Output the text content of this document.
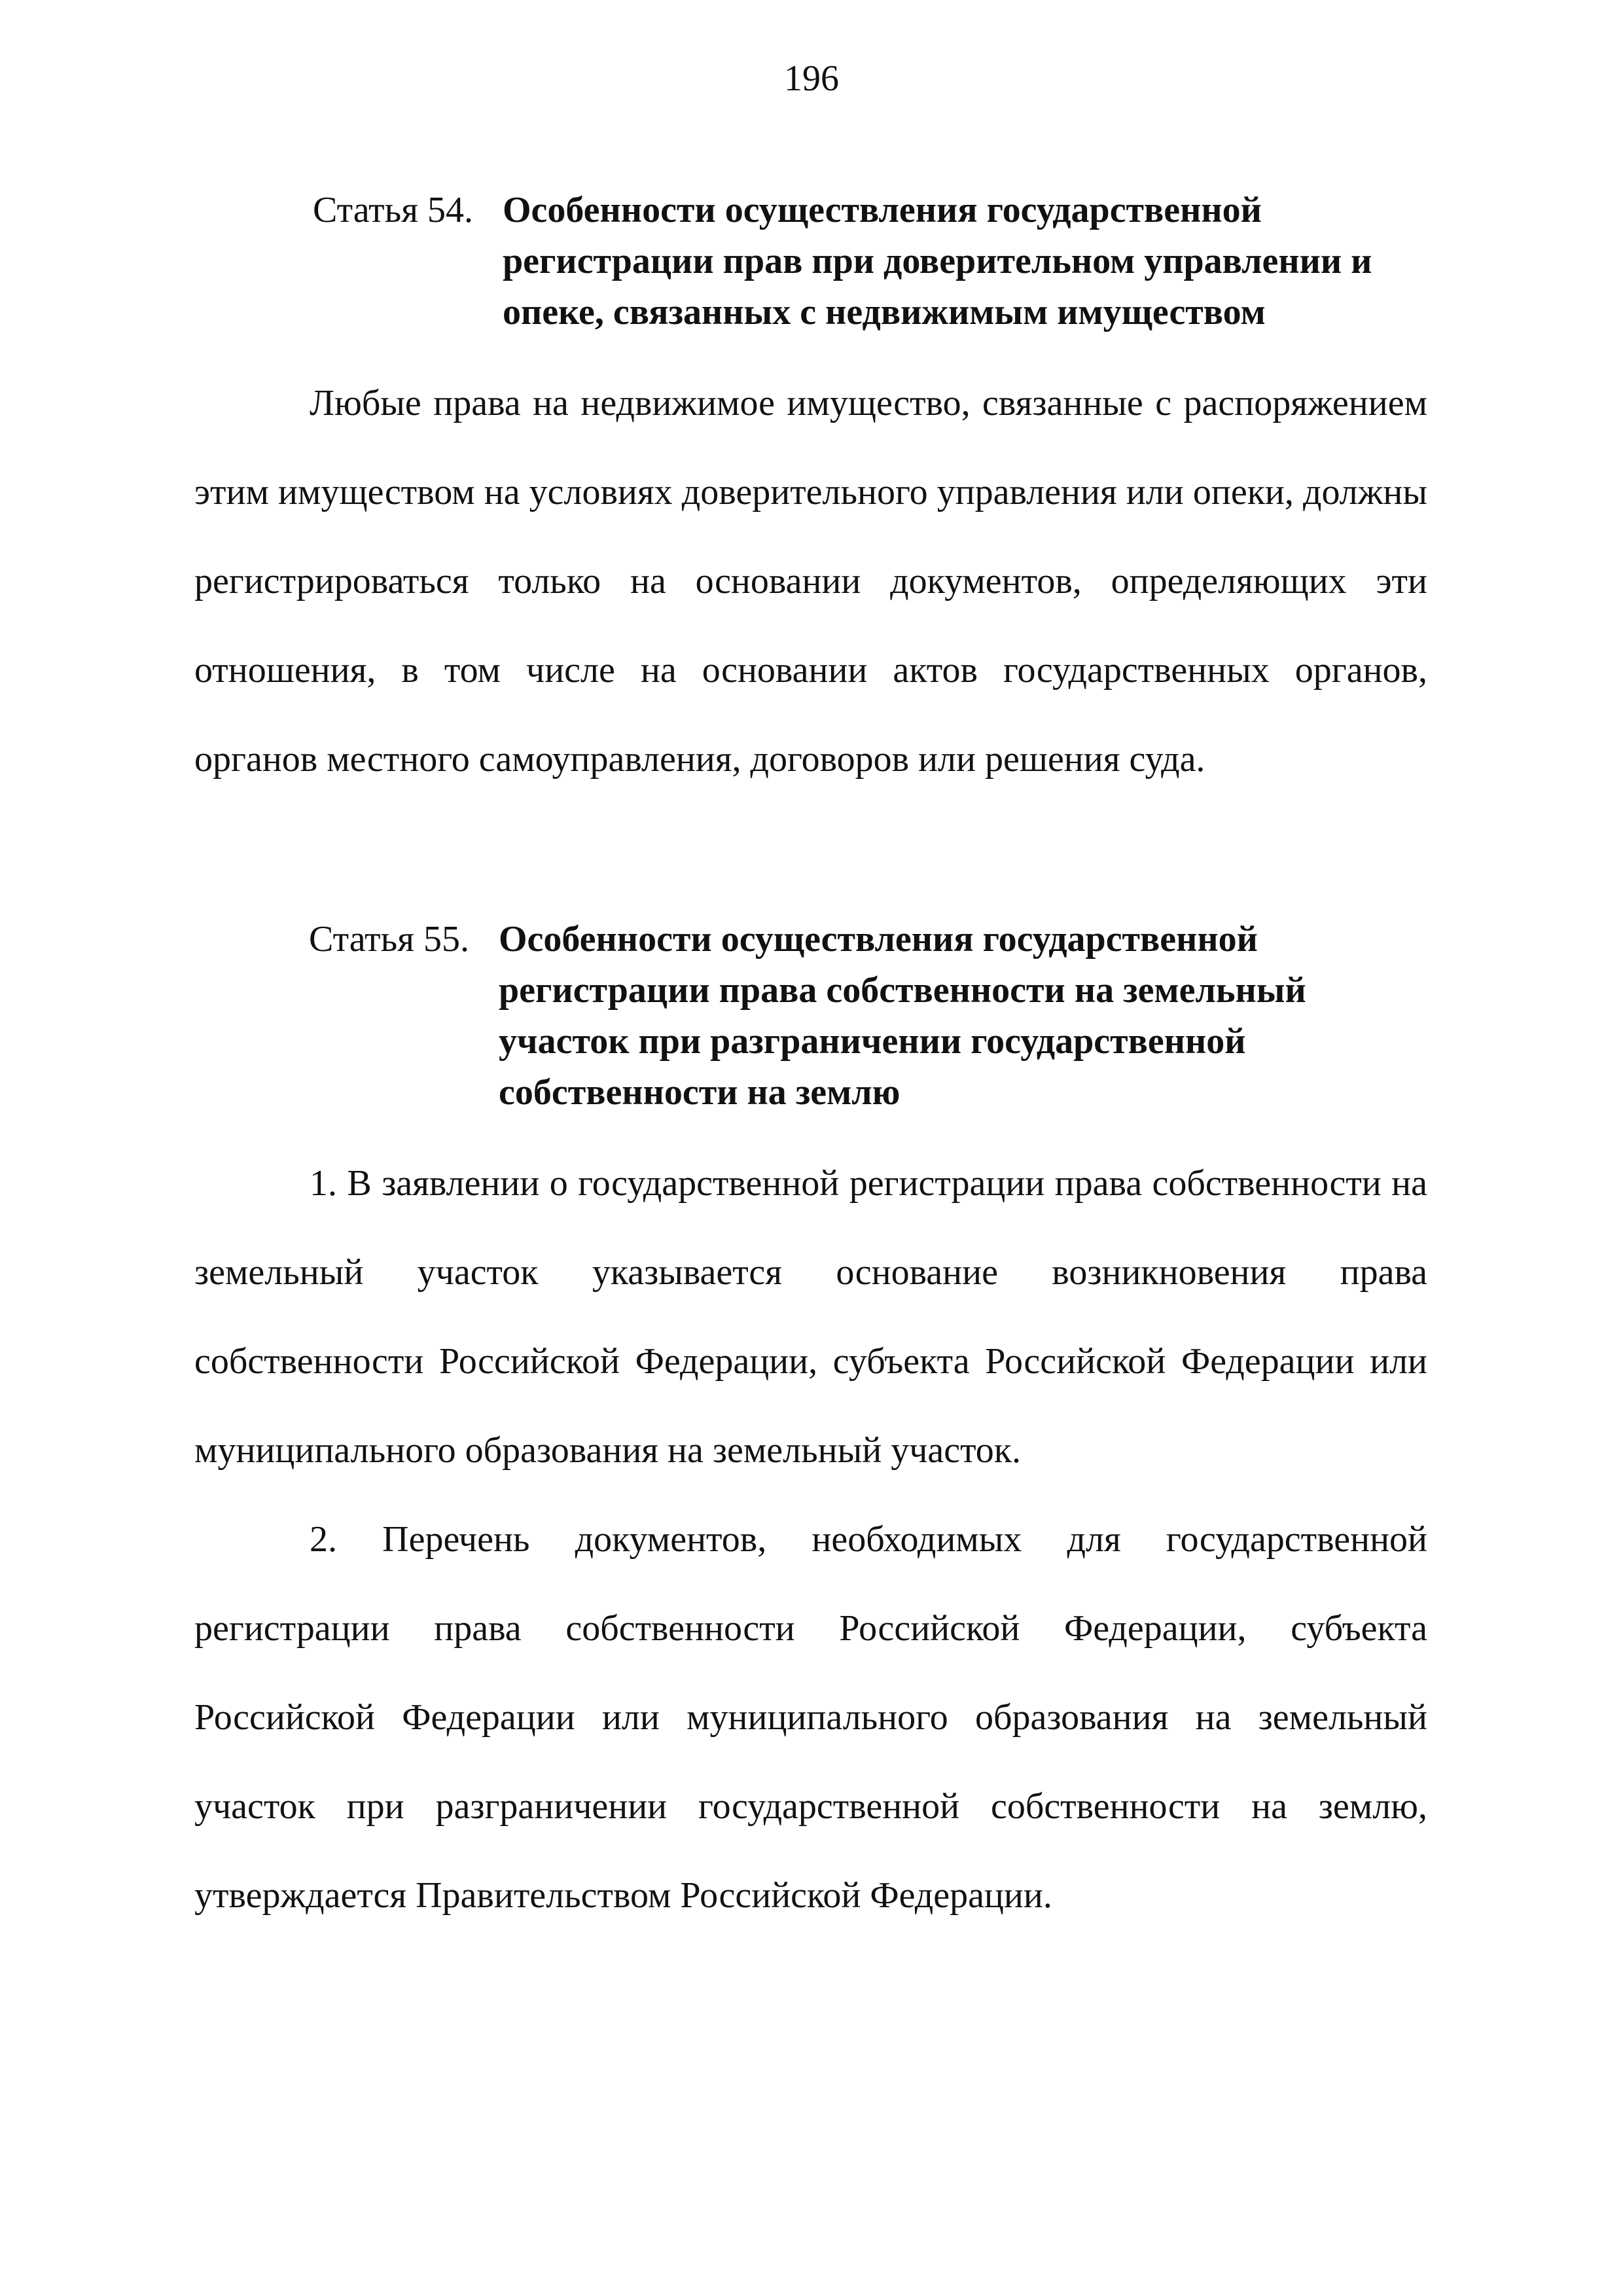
196
Статья 54. Особенности осуществления государственной
регистрации прав при доверительном управлении и
опеке, связанных с недвижимым имуществом

Любые права на недвижимое имущество, связанные с распоряжением этим имуществом на условиях доверительного управления или опеки, должны регистрироваться только на основании документов, определяющих эти отношения, в том числе на основании актов государственных органов, органов местного самоуправления, договоров или решения суда.

Статья 55. Особенности осуществления государственной
регистрации права собственности на земельный
участок при разграничении государственной
собственности на землю

1. В заявлении о государственной регистрации права собственности на земельный участок указывается основание возникновения права собственности Российской Федерации, субъекта Российской Федерации или муниципального образования на земельный участок.

2. Перечень документов, необходимых для государственной регистрации права собственности Российской Федерации, субъекта Российской Федерации или муниципального образования на земельный участок при разграничении государственной собственности на землю, утверждается Правительством Российской Федерации.
